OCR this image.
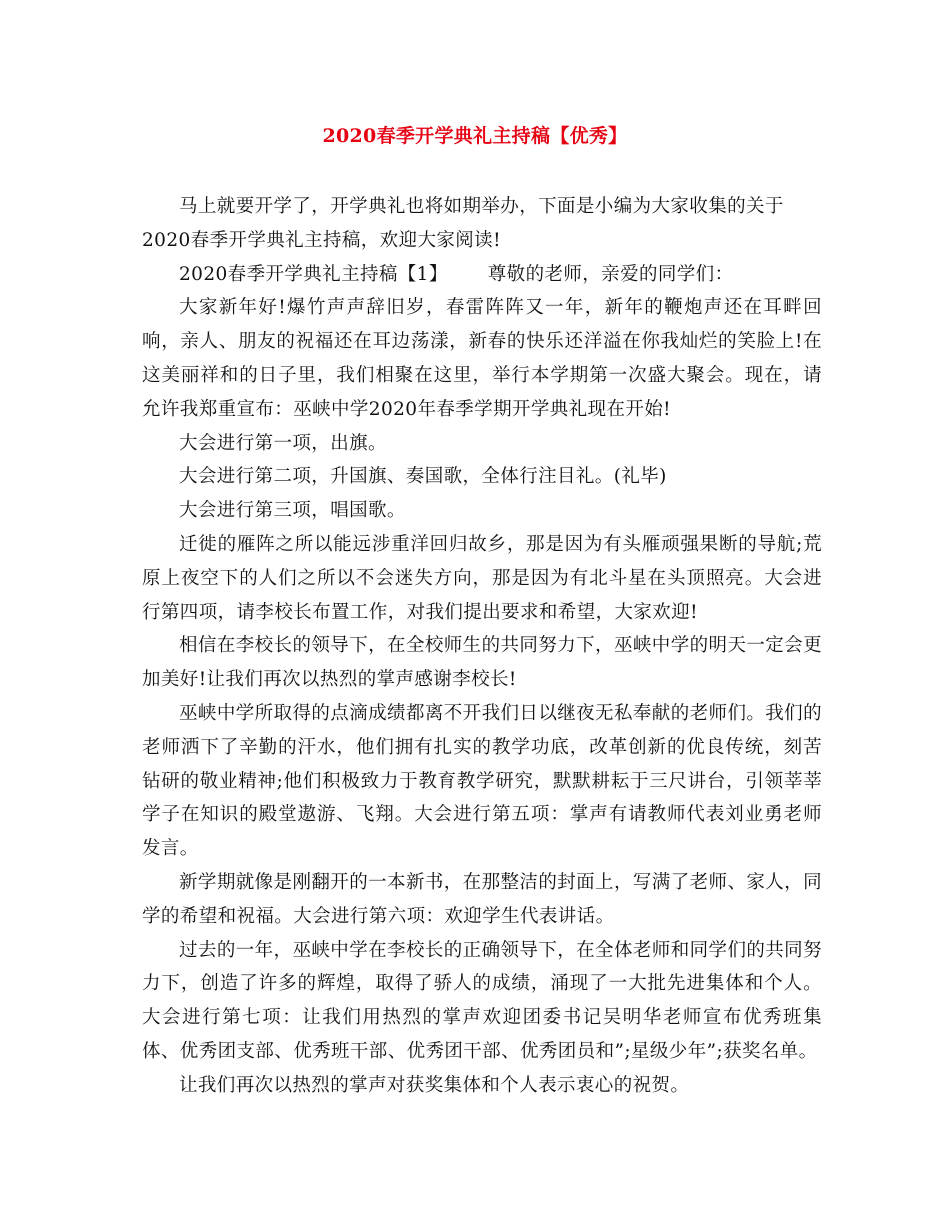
2020春季开学典礼主持稿【优秀】

马上就要开学了，开学典礼也将如期举办，下面是小编为大家收集的关于

2020春季开学典礼主持稿，欢迎大家阅读!

2020春季开学典礼主持稿【1】 尊敬的老师，亲爱的同学们：

大家新年好!爆竹声声辞旧岁，春雷阵阵又一年，新年的鞭炮声还在耳畔回响，亲人、朋友的祝福还在耳边荡漾，新春的快乐还洋溢在你我灿烂的笑脸上!在这美丽祥和的日子里，我们相聚在这里，举行本学期第一次盛大聚会。现在，请允许我郑重宣布：巫峡中学2020年春季学期开学典礼现在开始!

大会进行第一项，出旗。

大会进行第二项，升国旗、奏国歌，全体行注目礼。(礼毕)

大会进行第三项，唱国歌。

迁徙的雁阵之所以能远涉重洋回归故乡，那是因为有头雁顽强果断的导航;荒原上夜空下的人们之所以不会迷失方向，那是因为有北斗星在头顶照亮。大会进行第四项，请李校长布置工作，对我们提出要求和希望，大家欢迎!

相信在李校长的领导下，在全校师生的共同努力下，巫峡中学的明天一定会更加美好!让我们再次以热烈的掌声感谢李校长!

巫峡中学所取得的点滴成绩都离不开我们日以继夜无私奉献的老师们。我们的老师洒下了辛勤的汗水，他们拥有扎实的教学功底，改革创新的优良传统，刻苦钻研的敬业精神;他们积极致力于教育教学研究，默默耕耘于三尺讲台，引领莘莘学子在知识的殿堂遨游、飞翔。大会进行第五项：掌声有请教师代表刘业勇老师发言。

新学期就像是刚翻开的一本新书，在那整洁的封面上，写满了老师、家人，同学的希望和祝福。大会进行第六项：欢迎学生代表讲话。

过去的一年，巫峡中学在李校长的正确领导下，在全体老师和同学们的共同努力下，创造了许多的辉煌，取得了骄人的成绩，涌现了一大批先进集体和个人。大会进行第七项：让我们用热烈的掌声欢迎团委书记吴明华老师宣布优秀班集体、优秀团支部、优秀班干部、优秀团干部、优秀团员和”;星级少年”;获奖名单。

让我们再次以热烈的掌声对获奖集体和个人表示衷心的祝贺。
